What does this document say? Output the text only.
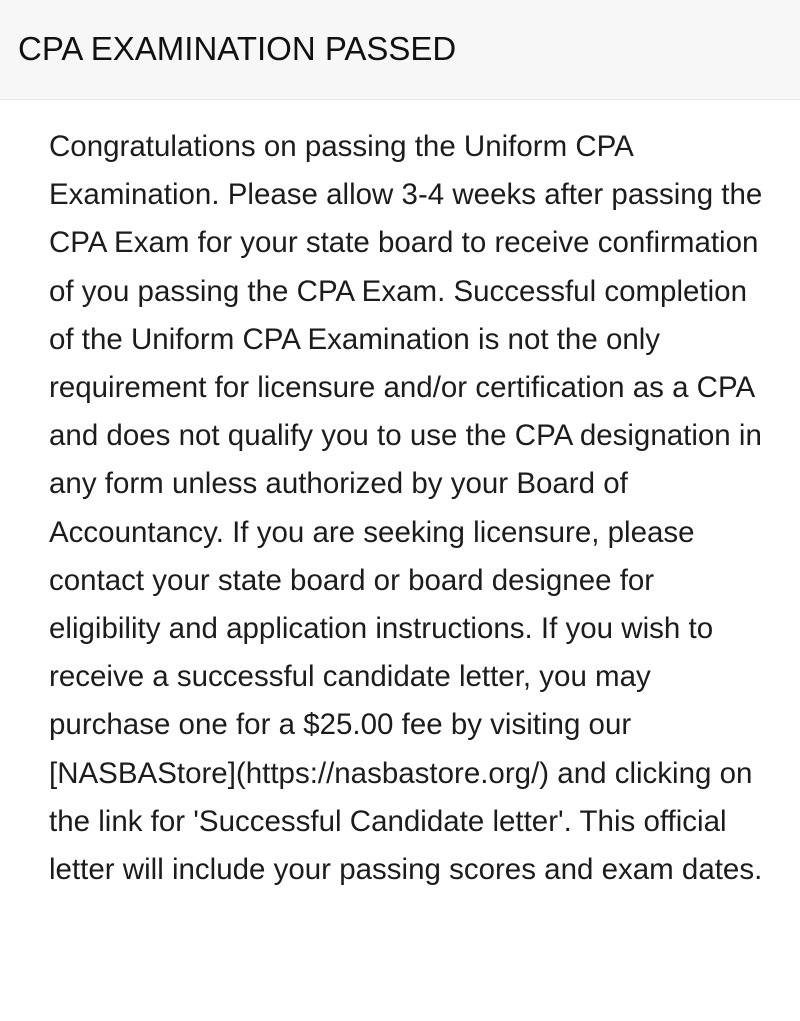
CPA EXAMINATION PASSED

Congratulations on passing the Uniform CPA Examination. Please allow 3-4 weeks after passing the CPA Exam for your state board to receive confirmation of you passing the CPA Exam. Successful completion of the Uniform CPA Examination is not the only requirement for licensure and/or certification as a CPA and does not qualify you to use the CPA designation in any form unless authorized by your Board of Accountancy. If you are seeking licensure, please contact your state board or board designee for eligibility and application instructions. If you wish to receive a successful candidate letter, you may purchase one for a $25.00 fee by visiting our [NASBAStore](https://nasbastore.org/) and clicking on the link for 'Successful Candidate letter'. This official letter will include your passing scores and exam dates.
